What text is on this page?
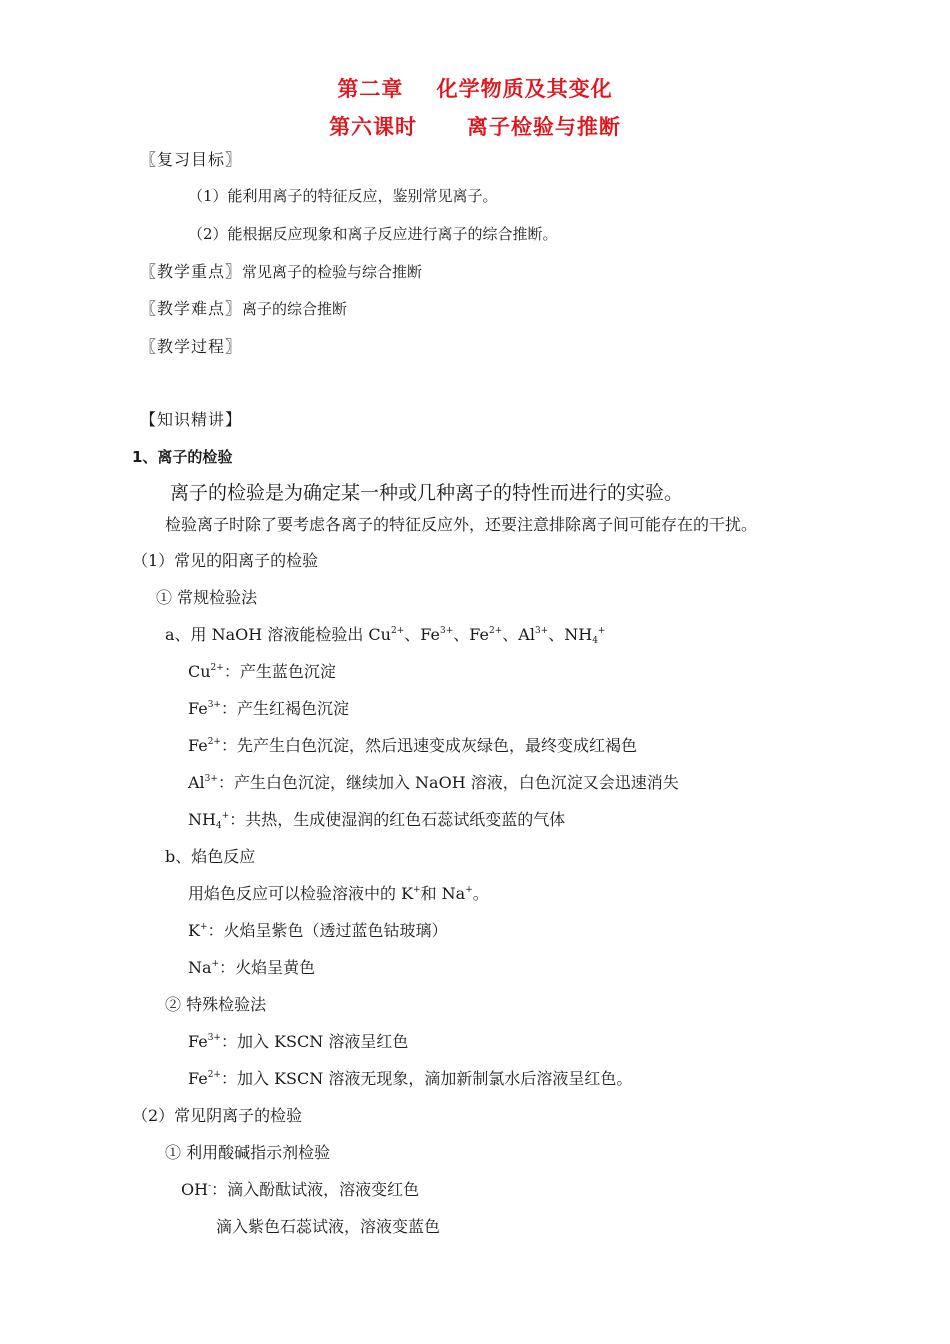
第二章    化学物质及其变化
第六课时      离子检验与推断
〖复习目标〗
（1）能利用离子的特征反应，鉴别常见离子。
（2）能根据反应现象和离子反应进行离子的综合推断。
〖教学重点〗常见离子的检验与综合推断
〖教学难点〗离子的综合推断
〖教学过程〗
【知识精讲】
1、离子的检验
离子的检验是为确定某一种或几种离子的特性而进行的实验。
检验离子时除了要考虑各离子的特征反应外，还要注意排除离子间可能存在的干扰。
（1）常见的阳离子的检验
① 常规检验法
a、用 NaOH 溶液能检验出 $Cu^{2+}$、$Fe^{3+}$、$Fe^{2+}$、$Al^{3+}$、$NH_4^+$
$Cu^{2+}$：产生蓝色沉淀
$Fe^{3+}$：产生红褐色沉淀
$Fe^{2+}$：先产生白色沉淀，然后迅速变成灰绿色，最终变成红褐色
$Al^{3+}$：产生白色沉淀，继续加入 NaOH 溶液，白色沉淀又会迅速消失
$NH_4^+$：共热，生成使湿润的红色石蕊试纸变蓝的气体
b、焰色反应
用焰色反应可以检验溶液中的 K+和 Na+。
K+：火焰呈紫色（透过蓝色钴玻璃）
Na+：火焰呈黄色
② 特殊检验法
$Fe^{3+}$：加入 KSCN 溶液呈红色
$Fe^{2+}$：加入 KSCN 溶液无现象，滴加新制氯水后溶液呈红色。
（2）常见阴离子的检验
① 利用酸碱指示剂检验
OH-：滴入酚酞试液，溶液变红色
滴入紫色石蕊试液，溶液变蓝色
